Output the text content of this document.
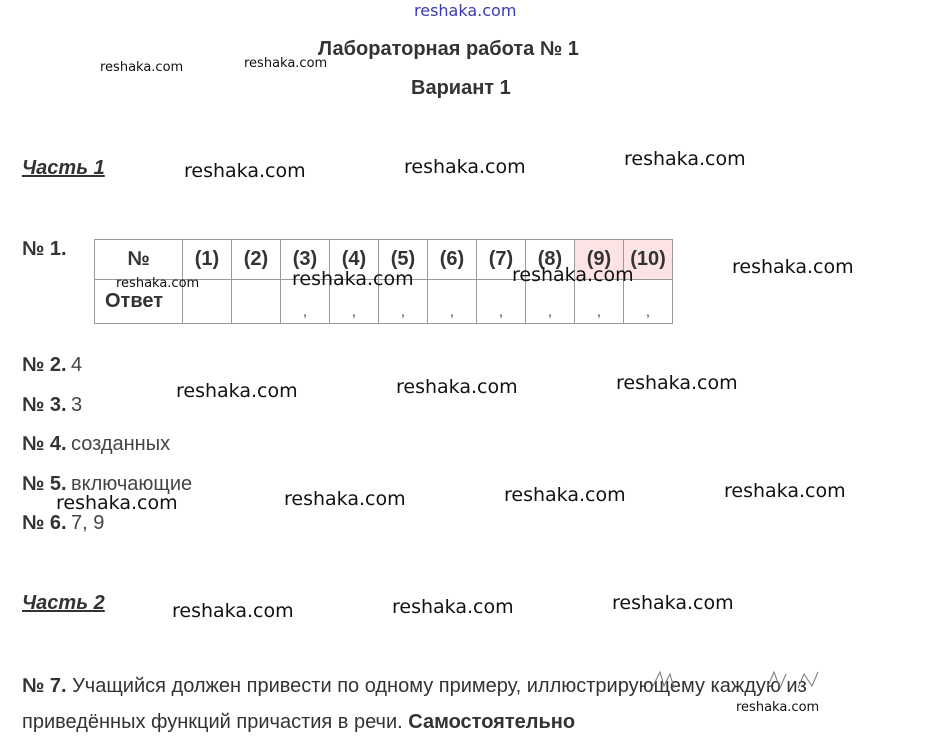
reshaka.com
Лабораторная работа № 1
Вариант 1
Часть 1
№ 1.	№	(1)	(2)	(3)	(4)	(5)	(6)	(7)	(8)	(9)	(10)
Ответ			,	,	,	,	,	,	,	,
№ 2. 4
№ 3. 3
№ 4. созданных
№ 5. включающие
№ 6. 7, 9
Часть 2
№ 7. Учащийся должен привести по одному примеру, иллюстрирующему каждую из приведённых функций причастия в речи. Самостоятельно
reshaka.com	reshaka.com
reshaka.com	reshaka.com	reshaka.com
reshaka.com	reshaka.com	reshaka.com	reshaka.com
reshaka.com	reshaka.com	reshaka.com
reshaka.com	reshaka.com	reshaka.com	reshaka.com
reshaka.com	reshaka.com	reshaka.com
reshaka.com
